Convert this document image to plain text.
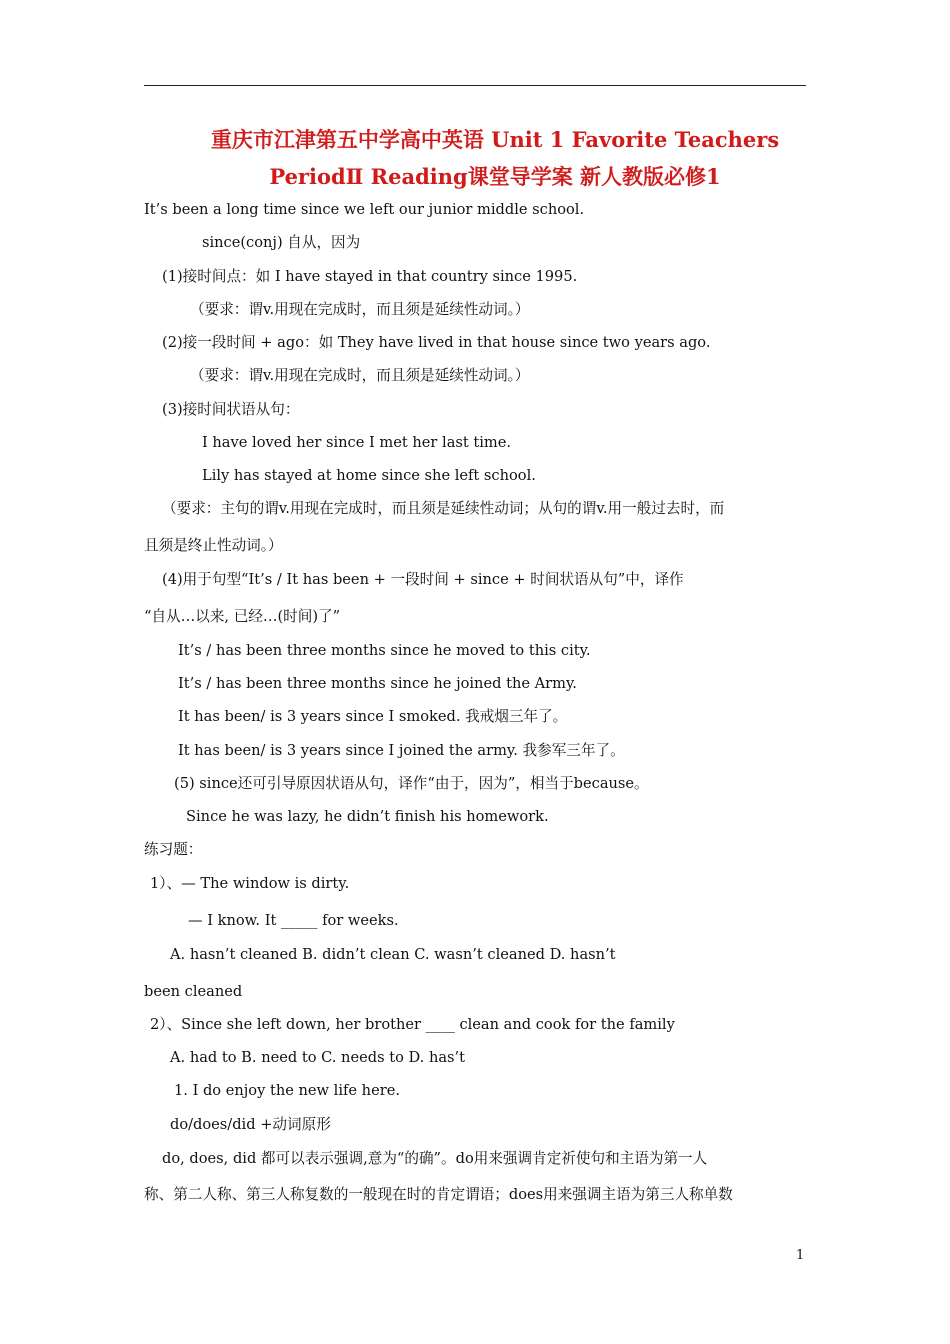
重庆市江津第五中学高中英语 Unit 1 Favorite Teachers
PeriodⅡ Reading课堂导学案 新人教版必修1
It’s been a long time since we left our junior middle school.
since(conj) 自从，因为
(1)接时间点：如 I have stayed in that country since 1995.
（要求：谓v.用现在完成时，而且须是延续性动词。）
(2)接一段时间 + ago：如 They have lived in that house since two years ago.
（要求：谓v.用现在完成时，而且须是延续性动词。）
(3)接时间状语从句：
I have loved her since I met her last time.
Lily has stayed at home since she left school.
（要求：主句的谓v.用现在完成时，而且须是延续性动词；从句的谓v.用一般过去时，而
且须是终止性动词。）
(4)用于句型“It’s / It has been + 一段时间 + since + 时间状语从句”中，译作
“自从…以来, 已经…(时间)了”
It’s / has been three months since he moved to this city.
It’s / has been three months since he joined the Army.
It has been/ is 3 years since I smoked. 我戒烟三年了。
It has been/ is 3 years since I joined the army. 我参军三年了。
(5) since还可引导原因状语从句，译作“由于，因为”，相当于because。
Since he was lazy, he didn’t finish his homework.
练习题：
1）、— The window is dirty.
— I know. It _____ for weeks.
A. hasn’t cleaned B. didn’t clean C. wasn’t cleaned D. hasn’t
been cleaned
2）、Since she left down, her brother ____ clean and cook for the family
A. had to B. need to C. needs to D. has’t
1. I do enjoy the new life here.
do/does/did +动词原形
do, does, did 都可以表示强调,意为“的确”。do用来强调肯定祈使句和主语为第一人
称、第二人称、第三人称复数的一般现在时的肯定谓语；does用来强调主语为第三人称单数
1
